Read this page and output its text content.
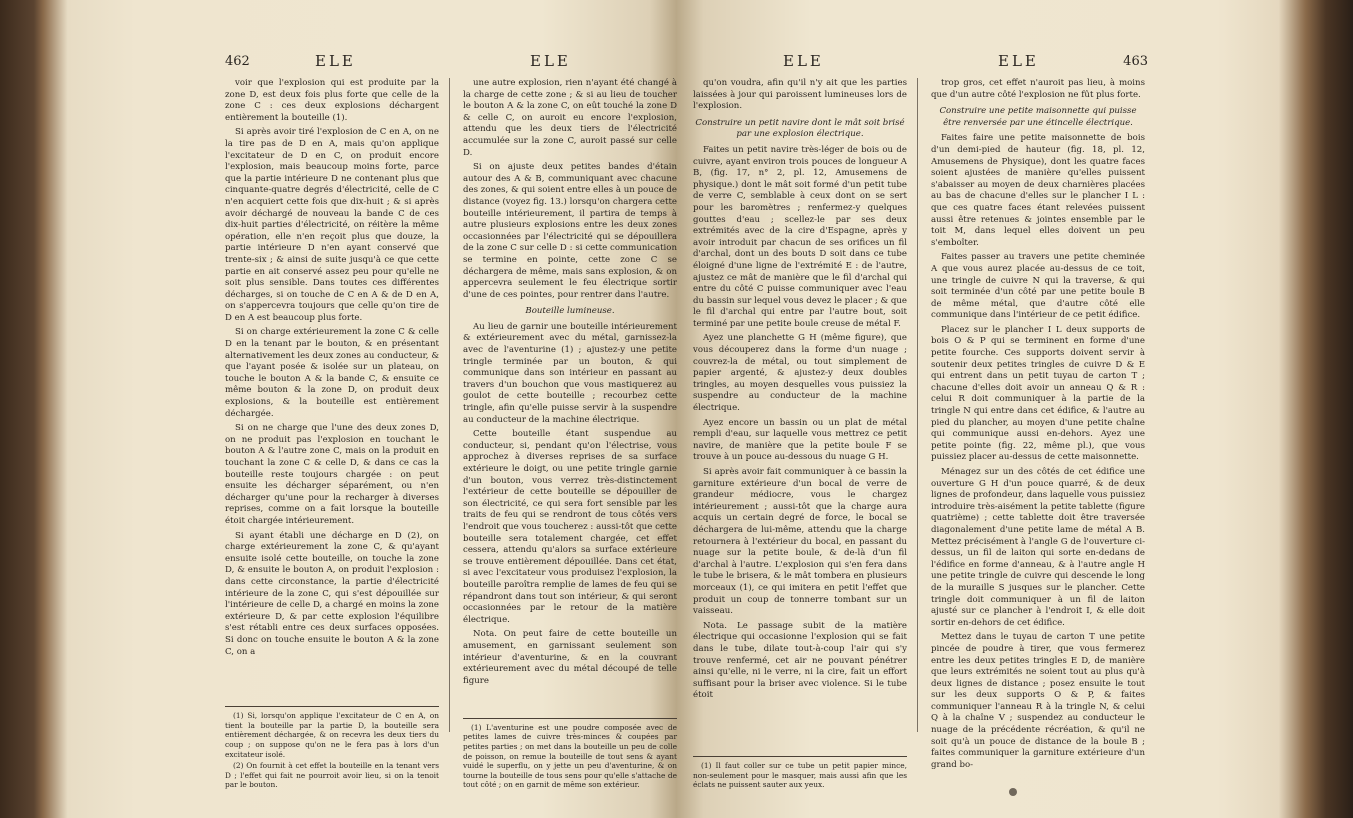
462	ELE	ELE

voir que l'explosion qui est produite par la zone D, est deux fois plus forte que celle de la zone C : ces deux explosions déchargent entièrement la bouteille (1).

Si après avoir tiré l'explosion de C en A, on ne la tire pas de D en A, mais qu'on applique l'excitateur de D en C, on produit encore l'explosion, mais beaucoup moins forte, parce que la partie intérieure D ne contenant plus que cinquante-quatre degrés d'électricité, celle de C n'en acquiert cette fois que dix-huit ; & si après avoir déchargé de nouveau la bande C de ces dix-huit parties d'électricité, on réitère la même opération, elle n'en reçoit plus que douze, la partie intérieure D n'en ayant conservé que trente-six ; & ainsi de suite jusqu'à ce que cette partie en ait conservé assez peu pour qu'elle ne soit plus sensible. Dans toutes ces différentes décharges, si on touche de C en A & de D en A, on s'appercevra toujours que celle qu'on tire de D en A est beaucoup plus forte.

Si on charge extérieurement la zone C & celle D en la tenant par le bouton, & en présentant alternativement les deux zones au conducteur, & que l'ayant posée & isolée sur un plateau, on touche le bouton A & la bande C, & ensuite ce même bouton & la zone D, on produit deux explosions, & la bouteille est entièrement déchargée.

Si on ne charge que l'une des deux zones D, on ne produit pas l'explosion en touchant le bouton A & l'autre zone C, mais on la produit en touchant la zone C & celle D, & dans ce cas la bouteille reste toujours chargée : on peut ensuite les décharger séparément, ou n'en décharger qu'une pour la recharger à diverses reprises, comme on a fait lorsque la bouteille étoit chargée intérieurement.

Si ayant établi une décharge en D (2), on charge extérieurement la zone C, & qu'ayant ensuite isolé cette bouteille, on touche la zone D, & ensuite le bouton A, on produit l'explosion : dans cette circonstance, la partie d'électricité intérieure de la zone C, qui s'est dépouillée sur l'intérieure de celle D, a chargé en moins la zone extérieure D, & par cette explosion l'équilibre s'est rétabli entre ces deux surfaces opposées. Si donc on touche ensuite le bouton A & la zone C, on a

une autre explosion, rien n'ayant été changé à la charge de cette zone ; & si au lieu de toucher le bouton A & la zone C, on eût touché la zone D & celle C, on auroit eu encore l'explosion, attendu que les deux tiers de l'électricité accumulée sur la zone C, auroit passé sur celle D.

Si on ajuste deux petites bandes d'étain autour des A & B, communiquant avec chacune des zones, & qui soient entre elles à un pouce de distance (voyez fig. 13.) lorsqu'on chargera cette bouteille intérieurement, il partira de temps à autre plusieurs explosions entre les deux zones occasionnées par l'électricité qui se dépouillera de la zone C sur celle D : si cette communication se termine en pointe, cette zone C se déchargera de même, mais sans explosion, & on appercevra seulement le feu électrique sortir d'une de ces pointes, pour rentrer dans l'autre.

Bouteille lumineuse.

Au lieu de garnir une bouteille intérieurement & extérieurement avec du métal, garnissez-la avec de l'aventurine (1) ; ajustez-y une petite tringle terminée par un bouton, & qui communique dans son intérieur en passant au travers d'un bouchon que vous mastiquerez au goulot de cette bouteille ; recourbez cette tringle, afin qu'elle puisse servir à la suspendre au conducteur de la machine électrique.

Cette bouteille étant suspendue au conducteur, si, pendant qu'on l'électrise, vous approchez à diverses reprises de sa surface extérieure le doigt, ou une petite tringle garnie d'un bouton, vous verrez très-distinctement l'extérieur de cette bouteille se dépouiller de son électricité, ce qui sera fort sensible par les traits de feu qui se rendront de tous côtés vers l'endroit que vous toucherez : aussi-tôt que cette bouteille sera totalement chargée, cet effet cessera, attendu qu'alors sa surface extérieure se trouve entièrement dépouillée. Dans cet état, si avec l'excitateur vous produisez l'explosion, la bouteille paroîtra remplie de lames de feu qui se répandront dans tout son intérieur, & qui seront occasionnées par le retour de la matière électrique.

Nota. On peut faire de cette bouteille un amusement, en garnissant seulement son intérieur d'aventurine, & en la couvrant extérieurement avec du métal découpé de telle figure

(1) Si, lorsqu'on applique l'excitateur de C en A, on tient la bouteille par la partie D, la bouteille sera entièrement déchargée, & on recevra les deux tiers du coup ; on suppose qu'on ne le fera pas à lors d'un excitateur isolé.

(2) On fournit à cet effet la bouteille en la tenant vers D ; l'effet qui fait ne pourroit avoir lieu, si on la tenoit par le bouton.

(1) L'aventurine est une poudre composée avec de petites lames de cuivre très-minces & coupées par petites parties ; on met dans la bouteille un peu de colle de poisson, on remue la bouteille de tout sens & ayant vuidé le superflu, on y jette un peu d'aventurine, & on tourne la bouteille de tous sens pour qu'elle s'attache de tout côté ; on en garnit de même son extérieur.

ELE	ELE	463

qu'on voudra, afin qu'il n'y ait que les parties laissées à jour qui paroissent lumineuses lors de l'explosion.

Construire un petit navire dont le mât soit brisé par une explosion électrique.

Faites un petit navire très-léger de bois ou de cuivre, ayant environ trois pouces de longueur A B, (fig. 17, n° 2, pl. 12, Amusemens de physique.) dont le mât soit formé d'un petit tube de verre C, semblable à ceux dont on se sert pour les baromètres ; renfermez-y quelques gouttes d'eau ; scellez-le par ses deux extrémités avec de la cire d'Espagne, après y avoir introduit par chacun de ses orifices un fil d'archal, dont un des bouts D soit dans ce tube éloigné d'une ligne de l'extrémité E : de l'autre, ajustez ce mât de manière que le fil d'archal qui entre du côté C puisse communiquer avec l'eau du bassin sur lequel vous devez le placer ; & que le fil d'archal qui entre par l'autre bout, soit terminé par une petite boule creuse de métal F.

Ayez une planchette G H (même figure), que vous découperez dans la forme d'un nuage ; couvrez-la de métal, ou tout simplement de papier argenté, & ajustez-y deux doubles tringles, au moyen desquelles vous puissiez la suspendre au conducteur de la machine électrique.

Ayez encore un bassin ou un plat de métal rempli d'eau, sur laquelle vous mettrez ce petit navire, de manière que la petite boule F se trouve à un pouce au-dessous du nuage G H.

Si après avoir fait communiquer à ce bassin la garniture extérieure d'un bocal de verre de grandeur médiocre, vous le chargez intérieurement ; aussi-tôt que la charge aura acquis un certain degré de force, le bocal se déchargera de lui-même, attendu que la charge retournera à l'extérieur du bocal, en passant du nuage sur la petite boule, & de-là d'un fil d'archal à l'autre. L'explosion qui s'en fera dans le tube le brisera, & le mât tombera en plusieurs morceaux (1), ce qui imitera en petit l'effet que produit un coup de tonnerre tombant sur un vaisseau.

Nota. Le passage subit de la matière électrique qui occasionne l'explosion qui se fait dans le tube, dilate tout-à-coup l'air qui s'y trouve renfermé, cet air ne pouvant pénétrer ainsi qu'elle, ni le verre, ni la cire, fait un effort suffisant pour la briser avec violence. Si le tube étoit

trop gros, cet effet n'auroit pas lieu, à moins que d'un autre côté l'explosion ne fût plus forte.

Construire une petite maisonnette qui puisse être renversée par une étincelle électrique.

Faites faire une petite maisonnette de bois d'un demi-pied de hauteur (fig. 18, pl. 12, Amusemens de Physique), dont les quatre faces soient ajustées de manière qu'elles puissent s'abaisser au moyen de deux charnières placées au bas de chacune d'elles sur le plancher I L : que ces quatre faces étant relevées puissent aussi être retenues & jointes ensemble par le toit M, dans lequel elles doivent un peu s'emboîter.

Faites passer au travers une petite cheminée A que vous aurez placée au-dessus de ce toit, une tringle de cuivre N qui la traverse, & qui soit terminée d'un côté par une petite boule B de même métal, que d'autre côté elle communique dans l'intérieur de ce petit édifice.

Placez sur le plancher I L deux supports de bois O & P qui se terminent en forme d'une petite fourche. Ces supports doivent servir à soutenir deux petites tringles de cuivre D & E qui entrent dans un petit tuyau de carton T ; chacune d'elles doit avoir un anneau Q & R : celui R doit communiquer à la partie de la tringle N qui entre dans cet édifice, & l'autre au pied du plancher, au moyen d'une petite chaîne qui communique aussi en-dehors. Ayez une petite pointe (fig. 22, même pl.), que vous puissiez placer au-dessus de cette maisonnette.

Ménagez sur un des côtés de cet édifice une ouverture G H d'un pouce quarré, & de deux lignes de profondeur, dans laquelle vous puissiez introduire très-aisément la petite tablette (figure quatrième) ; cette tablette doit être traversée diagonalement d'une petite lame de métal A B. Mettez précisément à l'angle G de l'ouverture ci-dessus, un fil de laiton qui sorte en-dedans de l'édifice en forme d'anneau, & à l'autre angle H une petite tringle de cuivre qui descende le long de la muraille S jusques sur le plancher. Cette tringle doit communiquer à un fil de laiton ajusté sur ce plancher à l'endroit I, & elle doit sortir en-dehors de cet édifice.

Mettez dans le tuyau de carton T une petite pincée de poudre à tirer, que vous fermerez entre les deux petites tringles E D, de manière que leurs extrémités ne soient tout au plus qu'à deux lignes de distance ; posez ensuite le tout sur les deux supports O & P, & faites communiquer l'anneau R à la tringle N, & celui Q à la chaîne V ; suspendez au conducteur le nuage de la précédente récréation, & qu'il ne soit qu'à un pouce de distance de la boule B ; faites communiquer la garniture extérieure d'un grand bo-

(1) Il faut coller sur ce tube un petit papier mince, non-seulement pour le masquer, mais aussi afin que les éclats ne puissent sauter aux yeux.
